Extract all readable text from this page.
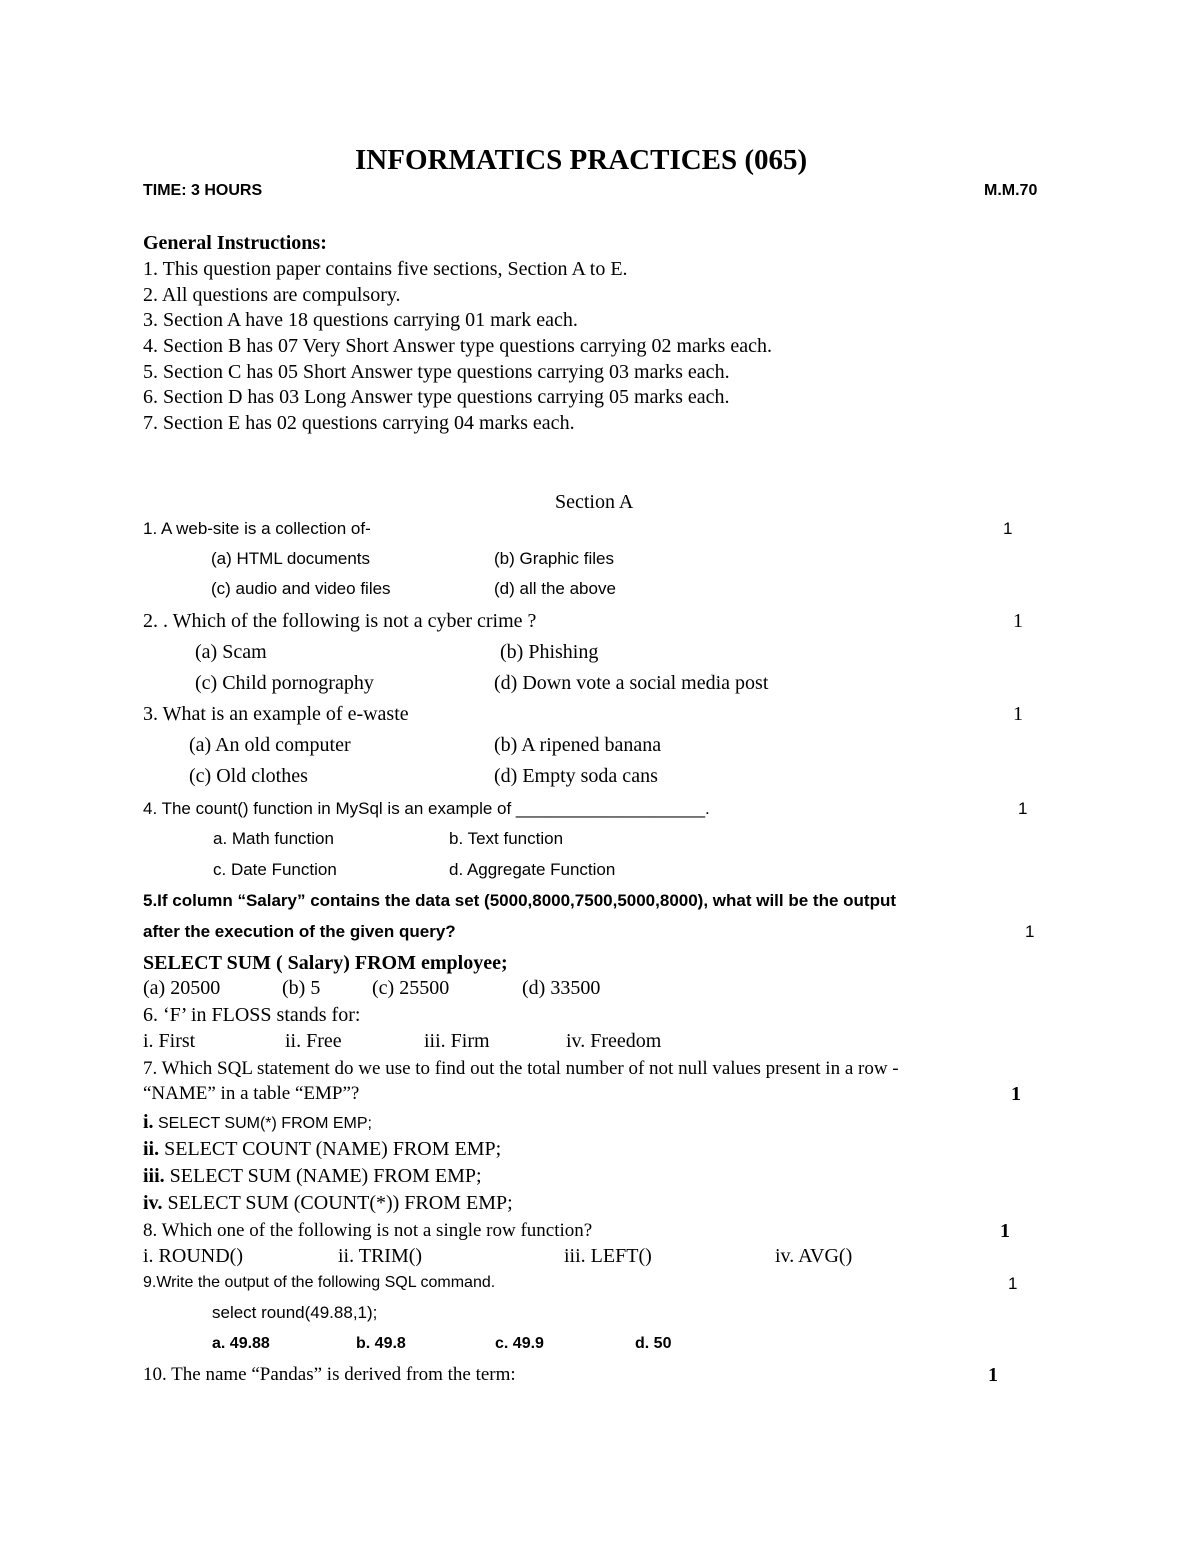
INFORMATICS PRACTICES (065)
TIME: 3 HOURS	M.M.70
General Instructions:
1. This question paper contains five sections, Section A to E.
2. All questions are compulsory.
3. Section A have 18 questions carrying 01 mark each.
4. Section B has 07 Very Short Answer type questions carrying 02 marks each.
5. Section C has 05 Short Answer type questions carrying 03 marks each.
6. Section D has 03 Long Answer type questions carrying 05 marks each.
7. Section E has 02 questions carrying 04 marks each.
Section A
1. A web-site is a collection of-	1
(a) HTML documents	(b) Graphic files
(c) audio and video files	(d) all the above
2. . Which of the following is not a cyber crime ?	1
(a) Scam	(b) Phishing
(c) Child pornography	(d) Down vote a social media post
3. What is an example of e-waste	1
(a) An old computer	(b) A ripened banana
(c) Old clothes	(d) Empty soda cans
4. The count() function in MySql is an example of ____________________.	1
a. Math function	b. Text function
c. Date Function	d. Aggregate Function
5.If column “Salary” contains the data set (5000,8000,7500,5000,8000), what will be the output
after the execution of the given query?	1
SELECT SUM ( Salary) FROM employee;
(a) 20500	(b) 5	(c) 25500	(d) 33500
6. ‘F’ in FLOSS stands for:
i. First	ii. Free	iii. Firm	iv. Freedom
7. Which SQL statement do we use to find out the total number of not null values present in a row -
“NAME” in a table “EMP”?	1
i. SELECT SUM(*) FROM EMP;
ii. SELECT COUNT (NAME) FROM EMP;
iii. SELECT SUM (NAME) FROM EMP;
iv. SELECT SUM (COUNT(*)) FROM EMP;
8. Which one of the following is not a single row function?	1
i. ROUND()	ii. TRIM()	iii. LEFT()	iv. AVG()
9.Write the output of the following SQL command.	1
select round(49.88,1);
a. 49.88	b. 49.8	c. 49.9	d. 50
10. The name “Pandas” is derived from the term:	1
